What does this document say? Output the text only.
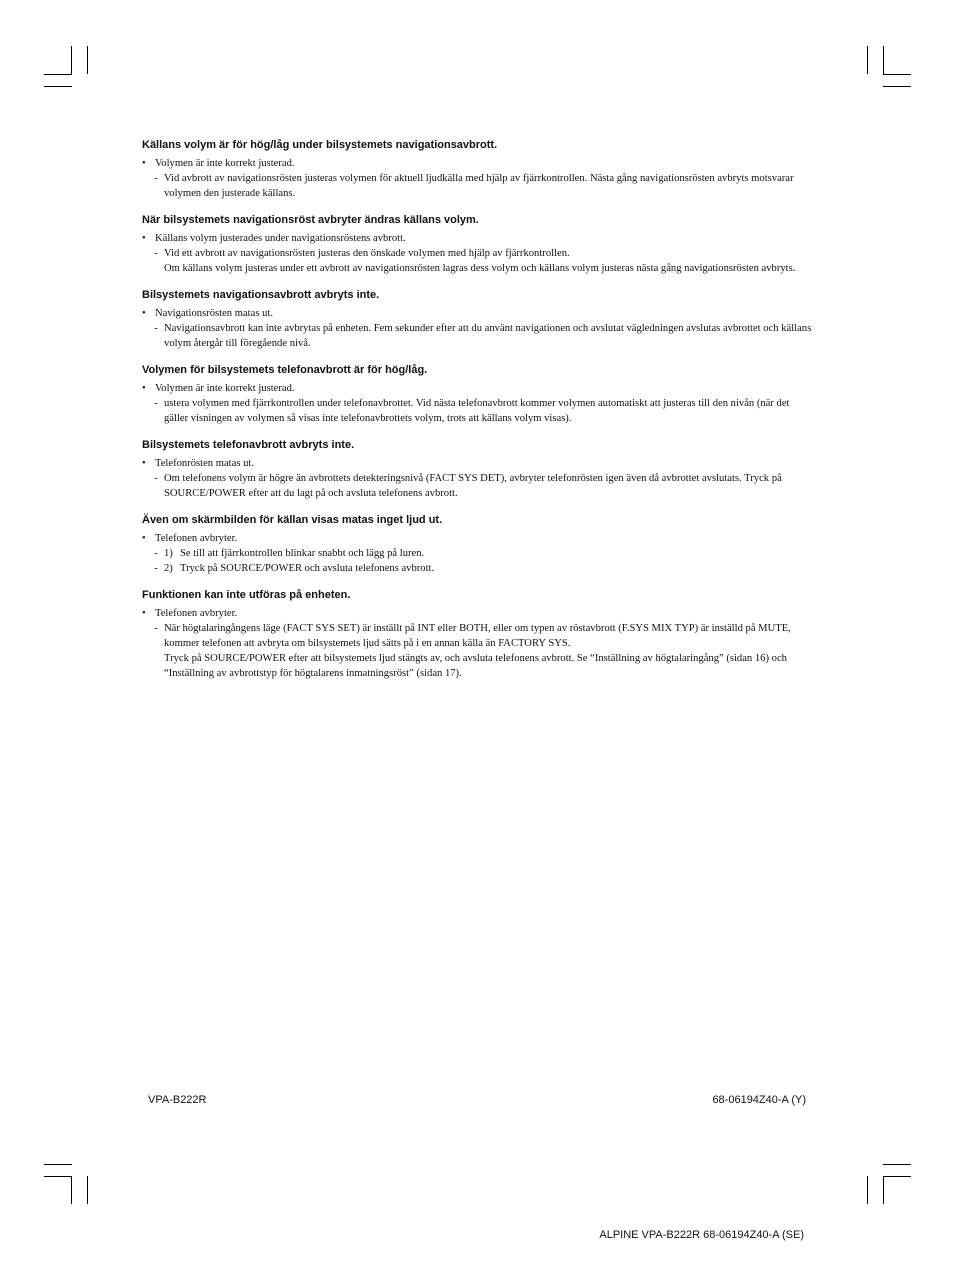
Källans volym är för hög/låg under bilsystemets navigationsavbrott.
• Volymen är inte korrekt justerad.
- Vid avbrott av navigationsrösten justeras volymen för aktuell ljudkälla med hjälp av fjärrkontrollen. Nästa gång navigationsrösten avbryts motsvarar volymen den justerade källans.
När bilsystemets navigationsröst avbryter ändras källans volym.
• Källans volym justerades under navigationsröstens avbrott.
- Vid ett avbrott av navigationsrösten justeras den önskade volymen med hjälp av fjärrkontrollen.
Om källans volym justeras under ett avbrott av navigationsrösten lagras dess volym och källans volym justeras nästa gång navigationsrösten avbryts.
Bilsystemets navigationsavbrott avbryts inte.
• Navigationsrösten matas ut.
- Navigationsavbrott kan inte avbrytas på enheten. Fem sekunder efter att du använt navigationen och avslutat vägledningen avslutas avbrottet och källans volym återgår till föregående nivå.
Volymen för bilsystemets telefonavbrott är för hög/låg.
• Volymen är inte korrekt justerad.
- ustera volymen med fjärrkontrollen under telefonavbrottet. Vid nästa telefonavbrott kommer volymen automatiskt att justeras till den nivån (när det gäller visningen av volymen så visas inte telefonavbrottets volym, trots att källans volym visas).
Bilsystemets telefonavbrott avbryts inte.
• Telefonrösten matas ut.
- Om telefonens volym är högre än avbrottets detekteringsnivå (FACT SYS DET), avbryter telefonrösten igen även då avbrottet avslutats. Tryck på SOURCE/POWER efter att du lagt på och avsluta telefonens avbrott.
Även om skärmbilden för källan visas matas inget ljud ut.
• Telefonen avbryter.
- 1) Se till att fjärrkontrollen blinkar snabbt och lägg på luren.
- 2) Tryck på SOURCE/POWER och avsluta telefonens avbrott.
Funktionen kan inte utföras på enheten.
• Telefonen avbryter.
- När högtalaringångens läge (FACT SYS SET) är inställt på INT eller BOTH, eller om typen av röstavbrott (F.SYS MIX TYP) är inställd på MUTE, kommer telefonen att avbryta om bilsystemets ljud sätts på i en annan källa än FACTORY SYS.
Tryck på SOURCE/POWER efter att bilsystemets ljud stängts av, och avsluta telefonens avbrott. Se “Inställning av högtalaringång” (sidan 16) och “Inställning av avbrottstyp för högtalarens inmatningsröst” (sidan 17).
VPA-B222R	68-06194Z40-A (Y)
ALPINE VPA-B222R 68-06194Z40-A (SE)
